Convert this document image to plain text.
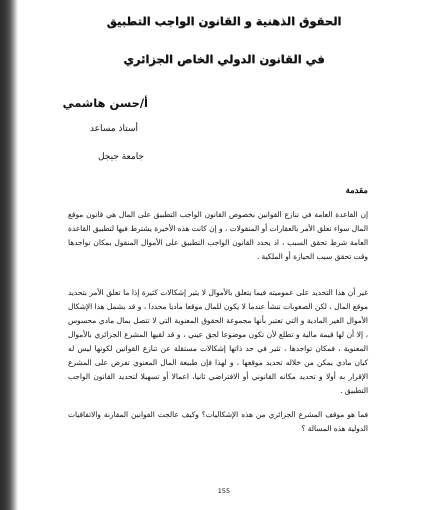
الحقوق الذهنية و القانون الواجب التطبيق
في القانون الدولي الخاص الجزائري
أ/حسن هاشمي
أستاذ مساعد
جامعة جيجل
مقدمة
إن القاعدة العامة في تنازع القوانين بخصوص القانون الواجب التطبيق على المال هي قانون موقع المال سواء تعلق الأمر بالعقارات أو المنقولات ، و إن كانت هذه الأخيرة يشترط فيها لتطبيق القاعدة العامة شرط تحقق السبب ، اذ يحدد القانون الواجب التطبيق على الأموال المنقول بمكان تواجدها وقت تحقق سبب الحيازة أو الملكية .
غير أن هذا التحديد على عموميته فيما يتعلق بالأموال لا يثير إشكالات كثيرة إذا ما تعلق الأمر بتحديد موقع المال ، لكن الصعوبات تنشأ عندما لا يكون للمال موقعا ماديا محددا ، و قد يشمل هذا الإشكال الأموال الغير المادية و التي تعتبر بأنها مجموعة الحقوق المعنوية التي لا تتصل بمال مادي محسوس ، إلا أن لها قيمة مالية و تطلع لأن تكون موضوعا لحق عيني ، و قد لقيها المشرع الجزائري بالأموال المعنوية ، فمكان تواجدها ، تثير في حد ذاتها إشكالات مستقلة عن تنازع القوانين لكونها ليس له كيان مادي يمكن من خلاله تحديد موقعها ، و لهذا فإن طبيعة المال المعنوي تفرض على المشرع الإقرار به أولا و تحديد مكانه القانوني أو الافتراضي ثانيا، اعمالا أو تسهيلا لتحديد القانون الواجب التطبيق .
فما هو موقف المشرع الجزائري من هذه الإشكاليات؟ وكيف عالجت القوانين المقارنة والاتفاقيات الدولية هذه المسالة ؟
155
